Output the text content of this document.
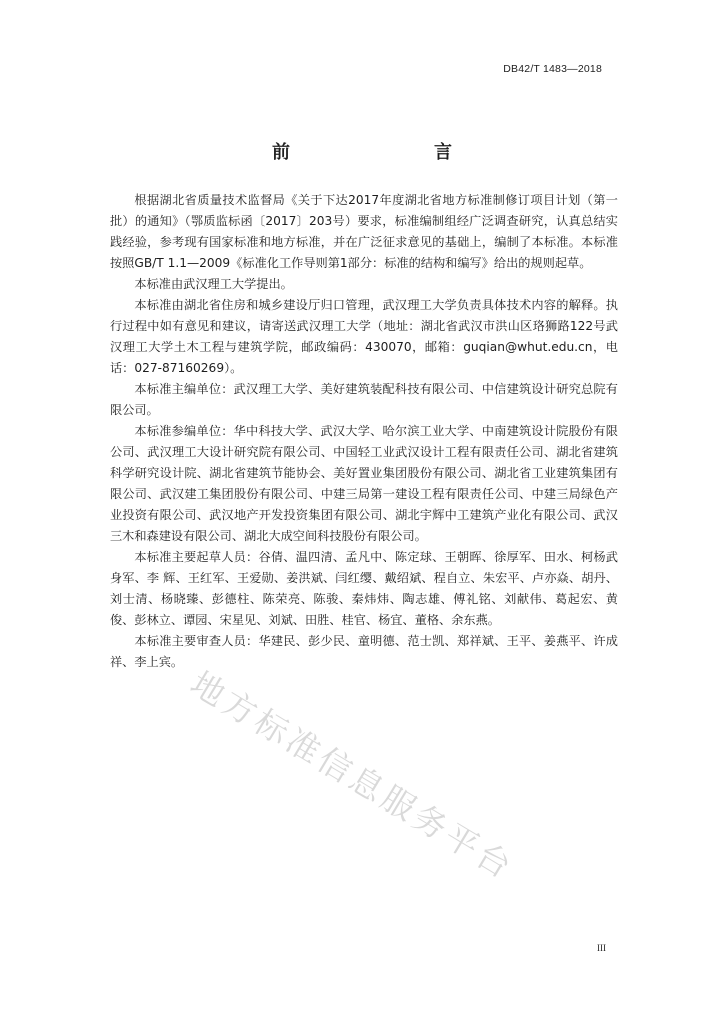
DB42/T 1483—2018
前　　言

根据湖北省质量技术监督局《关于下达2017年度湖北省地方标准制修订项目计划（第一批）的通知》（鄂质监标函〔2017〕203号）要求，标准编制组经广泛调查研究，认真总结实践经验，参考现有国家标准和地方标准，并在广泛征求意见的基础上，编制了本标准。本标准按照GB/T 1.1—2009《标准化工作导则第1部分：标准的结构和编写》给出的规则起草。

本标准由武汉理工大学提出。

本标准由湖北省住房和城乡建设厅归口管理，武汉理工大学负责具体技术内容的解释。执行过程中如有意见和建议，请寄送武汉理工大学（地址：湖北省武汉市洪山区珞狮路122号武汉理工大学土木工程与建筑学院，邮政编码：430070，邮箱：guqian@whut.edu.cn，电话：027-87160269）。

本标准主编单位：武汉理工大学、美好建筑装配科技有限公司、中信建筑设计研究总院有限公司。

本标准参编单位：华中科技大学、武汉大学、哈尔滨工业大学、中南建筑设计院股份有限公司、武汉理工大设计研究院有限公司、中国轻工业武汉设计工程有限责任公司、湖北省建筑科学研究设计院、湖北省建筑节能协会、美好置业集团股份有限公司、湖北省工业建筑集团有限公司、武汉建工集团股份有限公司、中建三局第一建设工程有限责任公司、中建三局绿色产业投资有限公司、武汉地产开发投资集团有限公司、湖北宇辉中工建筑产业化有限公司、武汉三木和森建设有限公司、湖北大成空间科技股份有限公司。

本标准主要起草人员：谷倩、温四清、孟凡中、陈定球、王朝晖、徐厚军、田水、柯杨武身军、李 辉、王红军、王爱勋、姜洪斌、闫红缨、戴绍斌、程自立、朱宏平、卢亦焱、胡丹、刘士清、杨晓臻、彭德柱、陈荣亮、陈骏、秦炜炜、陶志雄、傅礼铭、刘献伟、葛起宏、黄俊、彭林立、谭园、宋星见、刘斌、田胜、桂官、杨宜、董格、余东燕。

本标准主要审查人员：华建民、彭少民、童明德、范士凯、郑祥斌、王平、姜燕平、许成祥、李上宾。

地方标准信息服务平台
III
